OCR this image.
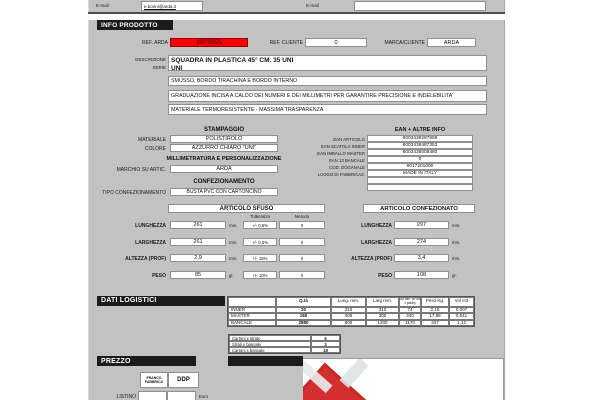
E-mail	e.borini@arda.it	E-mail
INFO PRODOTTO
REF. ARDA	2873555	REF. CLIENTE	0	MARCA/CLIENTE	ARDA
DESCRIZIONE
SERIE
SQUADRA IN PLASTICA 45° CM. 35 UNI
UNI
SMUSSO, BORDO TIRACHINA E BORDO INTERNO
GRADUAZIONE INCISA A CALDO DEI NUMERI E DEI MILLIMETRI PER GARANTIRE PRECISIONE E INDELEBILITA'
MATERIALE TERMORESISTENTE - MASSIMA TRASPARENZA
STAMPAGGIO
MATERIALE	POLISTIROLO
COLORE	AZZURRO CHIARO "UNI"
MILLIMETRATURA E PERSONALIZZAZIONE
MARCHIO SU ARTIC.	ARDA
CONFEZIONAMENTO
TIPO CONFEZIONAMENTO	BUSTA PVC CON CARTONCINO
EAN + ALTRE INFO
EAN ARTICOLO	8003438287959
EAN SCATOLA INNER	8003438487353
EAN IMBALLO MASTER	8003438008480
EAN 13 BANCALE	0
COD. DOGANALE	9017201000
LUOGO DI FABBRICAZ.	MADE IN ITALY
ARTICOLO SFUSO
Tolleranza	Metodo
LUNGHEZZA	261	mm.	+/- 0,5%	0
LARGHEZZA	261	mm.	+/- 0,5%	0
ALTEZZA (PROF)	2,9	mm.	+/- 15%	0
PESO	85	gr.	+/- 10%	0
ARTICOLO CONFEZIONATO
LUNGHEZZA	297	mm.
LARGHEZZA	274	mm.
ALTEZZA (PROF)	3,4	mm.
PESO	108	gr.
DATI LOGISTICI	Q.tà	Lung. mm.	Larg mm.	Alt mm. (in mt x pallet)	Peso Kg.	Vol m3
INNER	20	310	310	74	2,16	0,007
MASTER	160	405	300	340	17,88	0,041
BANCALE	2880	800	1200	1170	337	1,12
Cartoni x strato	6
Strati x bancale	3
Cartoni x bancale	18
PREZZO
FRANCO FABBRICA	DDP
LISTINO	Euro
